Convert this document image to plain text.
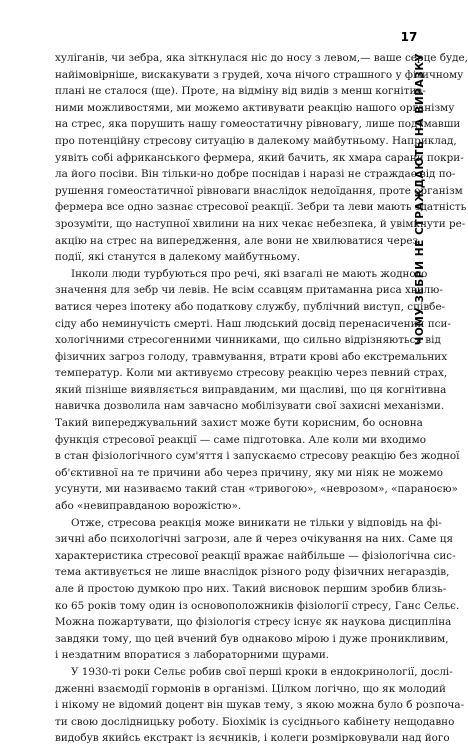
17
ЧОМУ ЗЕБРИ НЕ СТРАЖДАЮТЬ НА ВИРАЗКУ
хуліганів, чи зебра, яка зіткнулася ніс до носу з левом,— ваше серце буде,
найімовірніше, вискакувати з грудей, хоча нічого страшного у фізичному
плані не сталося (ще). Проте, на відміну від видів з менш когнітив-
ними можливостями, ми можемо активувати реакцію нашого організму
на стрес, яка порушить нашу гомеостатичну рівновагу, лише подумавши
про потенційну стресову ситуацію в далекому майбутньому. Наприклад,
уявіть собі африканського фермера, який бачить, як хмара сарани покри-
ла його посіви. Він тільки-но добре поснідав і наразі не страждає від по-
рушення гомеостатичної рівноваги внаслідок недоїдання, проте організм
фермера все одно зазнає стресової реакції. Зебри та леви мають здатність
зрозуміти, що наступної хвилини на них чекає небезпека, й увімкнути ре-
акцію на стрес на випередження, але вони не хвилюватися через
події, які станутся в далекому майбутньому.
Інколи люди турбуються про речі, які взагалі не мають жодного
значення для зебр чи левів. Не всім ссавцям притаманна риса хвилю-
ватися через іпотеку або податкову службу, публічний виступ, співбе-
сіду або неминучість смерті. Наш людський досвід перенасичений пси-
хологічними стресогенними чинниками, що сильно відрізняються від
фізичних загроз голоду, травмування, втрати крові або екстремальних
температур. Коли ми активуємо стресову реакцію через певний страх,
який пізніше виявляється виправданим, ми щасливі, що ця когнітивна
навичка дозволила нам завчасно мобілізувати свої захисні механізми.
Такий випереджувальний захист може бути корисним, бо основна
функція стресової реакції — саме підготовка. Але коли ми входимо
в стан фізіологічного сум'яття і запускаємо стресову реакцію без жодної
об'єктивної на те причини або через причину, яку ми ніяк не можемо
усунути, ми називаємо такий стан «тривогою», «неврозом», «параноєю»
або «невиправданою ворожістю».
Отже, стресова реакція може виникати не тільки у відповідь на фі-
зичні або психологічні загрози, але й через очікування на них. Саме ця
характеристика стресової реакції вражає найбільше — фізіологічна сис-
тема активується не лише внаслідок різного роду фізичних негараздів,
але й простою думкою про них. Такий висновок першим зробив близь-
ко 65 років тому один із основоположників фізіології стресу, Ганс Сельє.
Можна пожартувати, що фізіологія стресу існує як наукова дисципліна
завдяки тому, що цей вчений був однаково мірою і дуже проникливим,
і нездатним впоратися з лабораторними щурами.
У 1930-ті роки Сельє робив свої перші кроки в ендокринології, дослі-
дженні взаємодії гормонів в організмі. Цілком логічно, що як молодий
і нікому не відомий доцент він шукав тему, з якою можна було б розпоча-
ти свою дослідницьку роботу. Біохімік із сусіднього кабінету нещодавно
видобув якийсь екстракт із яєчників, і колеги розмірковували над його
